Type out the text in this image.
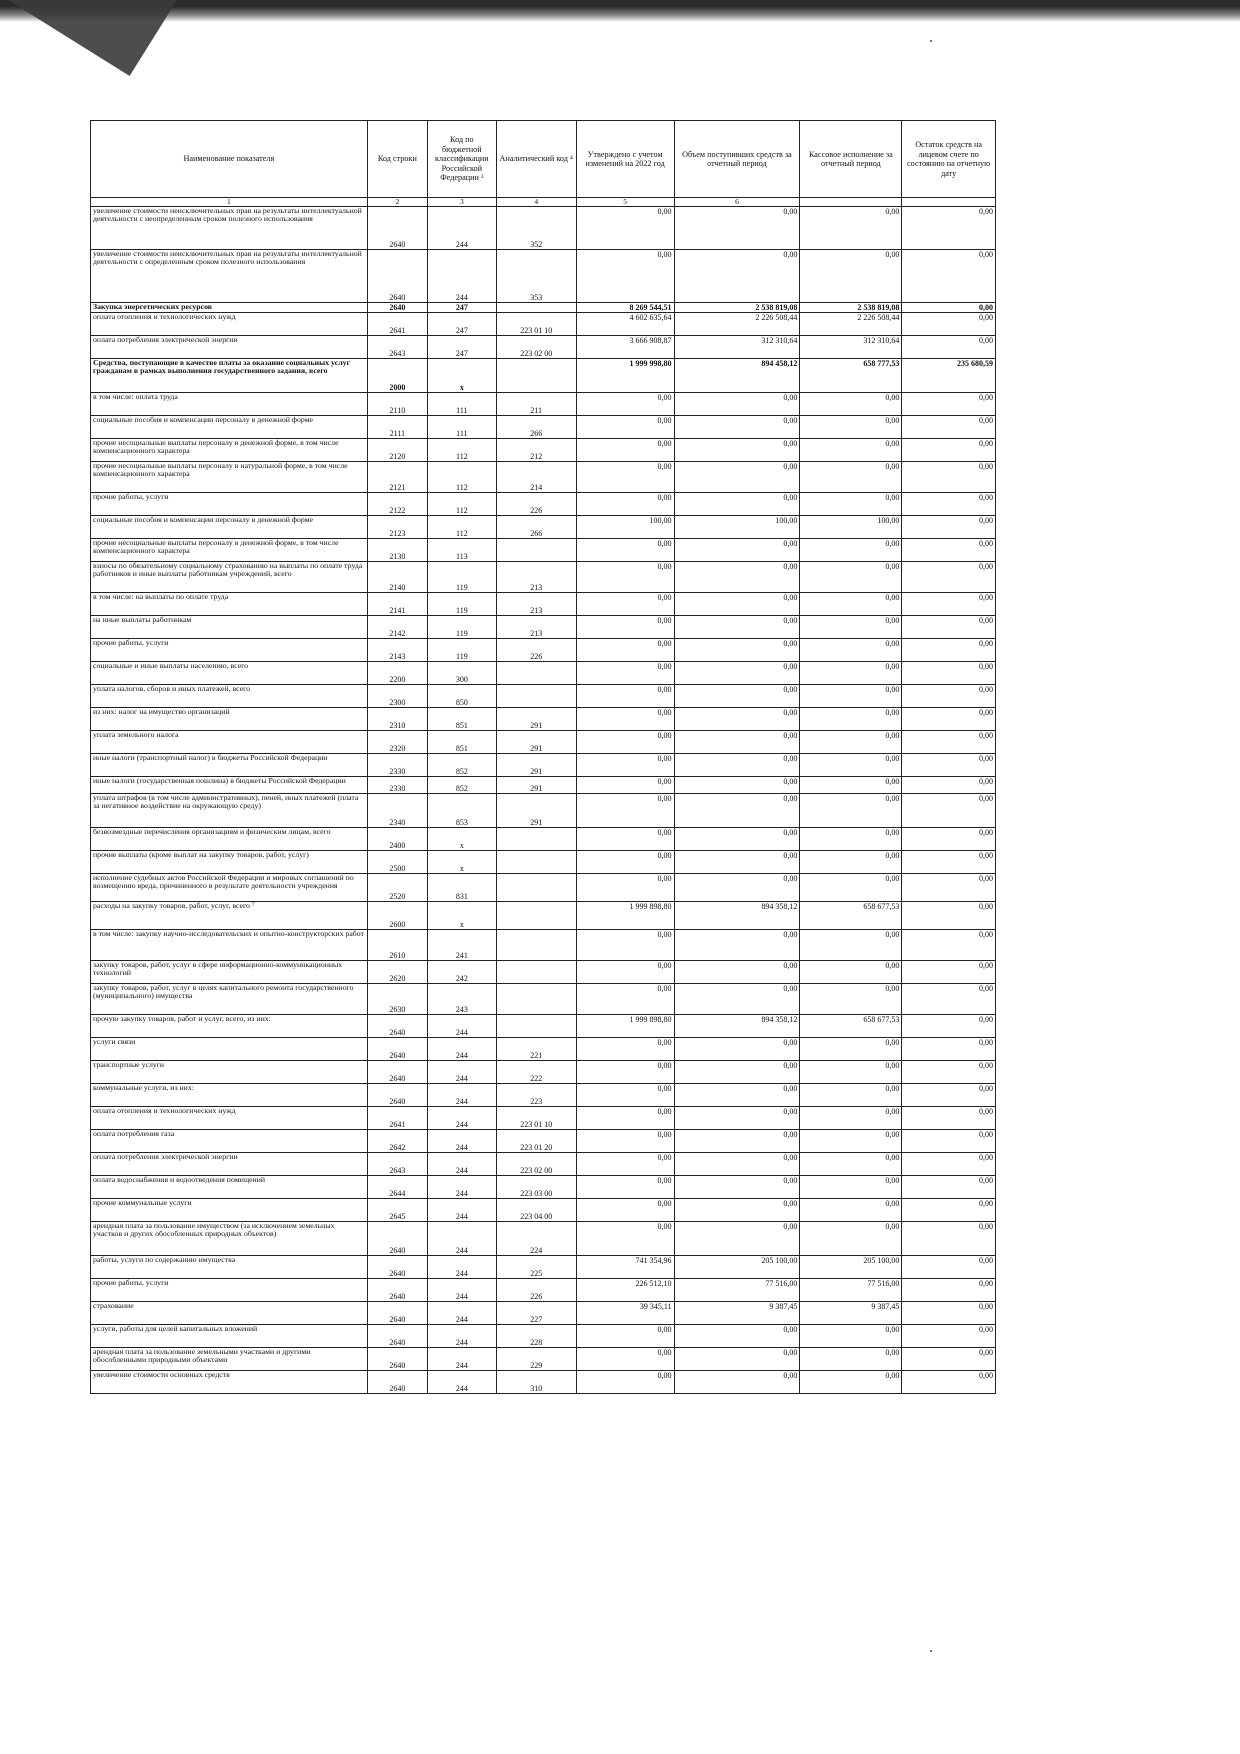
Наименование показателя	Код строки	Код по бюджетной классификации Российской Федерации ³	Аналитический код ⁴	Утверждено с учетом изменений на 2022 год	Объем поступивших средств за отчетный период	Кассовое исполнение за отчетный период	Остаток средств на лицевом счете по состоянию на отчетную дату
1	2	3	4	5	6		
увеличение стоимости неисключительных прав на результаты интеллектуальной деятельности с неопределенным сроком полезного использования	2640	244	352	0,00	0,00	0,00	0,00
увеличение стоимости неисключительных прав на результаты интеллектуальной деятельности с определенным сроком полезного использования	2640	244	353	0,00	0,00	0,00	0,00
Закупка энергетических ресурсов	2640	247		8 269 544,51	2 538 819,08	2 538 819,08	0,00
оплата отопления и технологических нужд	2641	247	223 01 10	4 602 635,64	2 226 508,44	2 226 508,44	0,00
оплата потребления электрической энергии	2643	247	223 02 00	3 666 908,87	312 310,64	312 310,64	0,00
Средства, поступающие в качестве платы за оказание социальных услуг гражданам в рамках выполнения государственного задания, всего	2000	х		1 999 998,80	894 458,12	658 777,53	235 680,59
в том числе: оплата труда	2110	111	211	0,00	0,00	0,00	0,00
социальные пособия и компенсации персоналу в денежной форме	2111	111	266	0,00	0,00	0,00	0,00
прочие несоциальные выплаты персоналу в денежной форме, в том числе компенсационного характера	2120	112	212	0,00	0,00	0,00	0,00
прочие несоциальные выплаты персоналу в натуральной форме, в том числе компенсационного характера	2121	112	214	0,00	0,00	0,00	0,00
прочие работы, услуги	2122	112	226	0,00	0,00	0,00	0,00
социальные пособия и компенсации персоналу в денежной форме	2123	112	266	100,00	100,00	100,00	0,00
прочие несоциальные выплаты персоналу в денежной форме, в том числе компенсационного характера	2130	113		0,00	0,00	0,00	0,00
взносы по обязательному социальному страхованию на выплаты по оплате труда работников и иные выплаты работникам учреждений, всего	2140	119	213	0,00	0,00	0,00	0,00
в том числе: на выплаты по оплате труда	2141	119	213	0,00	0,00	0,00	0,00
на иные выплаты работникам	2142	119	213	0,00	0,00	0,00	0,00
прочие работы, услуги	2143	119	226	0,00	0,00	0,00	0,00
социальные и иные выплаты населению, всего	2200	300		0,00	0,00	0,00	0,00
уплата налогов, сборов и иных платежей, всего	2300	850		0,00	0,00	0,00	0,00
из них: налог на имущество организаций	2310	851	291	0,00	0,00	0,00	0,00
уплата земельного налога	2320	851	291	0,00	0,00	0,00	0,00
иные налоги (транспортный налог) в бюджеты Российской Федерации	2330	852	291	0,00	0,00	0,00	0,00
иные налоги (государственная пошлина) в бюджеты Российской Федерации	2330	852	291	0,00	0,00	0,00	0,00
уплата штрафов (в том числе административных), пеней, иных платежей (плата за негативное воздействие на окружающую среду)	2340	853	291	0,00	0,00	0,00	0,00
безвозмездные перечисления организациям и физическим лицам, всего	2400	х		0,00	0,00	0,00	0,00
прочие выплаты (кроме выплат на закупку товаров, работ, услуг)	2500	х		0,00	0,00	0,00	0,00
исполнение судебных актов Российской Федерации и мировых соглашений по возмещению вреда, причиненного в результате деятельности учреждения	2520	831		0,00	0,00	0,00	0,00
расходы на закупку товаров, работ, услуг, всего ⁷	2600	х		1 999 898,80	894 358,12	658 677,53	0,00
в том числе: закупку научно-исследовательских и опытно-конструкторских работ	2610	241		0,00	0,00	0,00	0,00
закупку товаров, работ, услуг в сфере информационно-коммуникационных технологий	2620	242		0,00	0,00	0,00	0,00
закупку товаров, работ, услуг в целях капитального ремонта государственного (муниципального) имущества	2630	243		0,00	0,00	0,00	0,00
прочую закупку товаров, работ и услуг, всего, из них:	2640	244		1 999 898,80	894 358,12	658 677,53	0,00
услуги связи	2640	244	221	0,00	0,00	0,00	0,00
транспортные услуги	2640	244	222	0,00	0,00	0,00	0,00
коммунальные услуги, из них:	2640	244	223	0,00	0,00	0,00	0,00
оплата отопления и технологических нужд	2641	244	223 01 10	0,00	0,00	0,00	0,00
оплата потребления газа	2642	244	223 01 20	0,00	0,00	0,00	0,00
оплата потребления электрической энергии	2643	244	223 02 00	0,00	0,00	0,00	0,00
оплата водоснабжения и водоотведения помещений	2644	244	223 03 00	0,00	0,00	0,00	0,00
прочие коммунальные услуги	2645	244	223 04 00	0,00	0,00	0,00	0,00
арендная плата за пользование имуществом (за исключением земельных участков и других обособленных природных объектов)	2640	244	224	0,00	0,00	0,00	0,00
работы, услуги по содержанию имущества	2640	244	225	741 354,96	205 100,00	205 100,00	0,00
прочие работы, услуги	2640	244	226	226 512,10	77 516,00	77 516,00	0,00
страхование	2640	244	227	39 345,11	9 387,45	9 387,45	0,00
услуги, работы для целей капитальных вложений	2640	244	228	0,00	0,00	0,00	0,00
арендная плата за пользование земельными участками и другими обособленными природными объектами	2640	244	229	0,00	0,00	0,00	0,00
увеличение стоимости основных средств	2640	244	310	0,00	0,00	0,00	0,00
